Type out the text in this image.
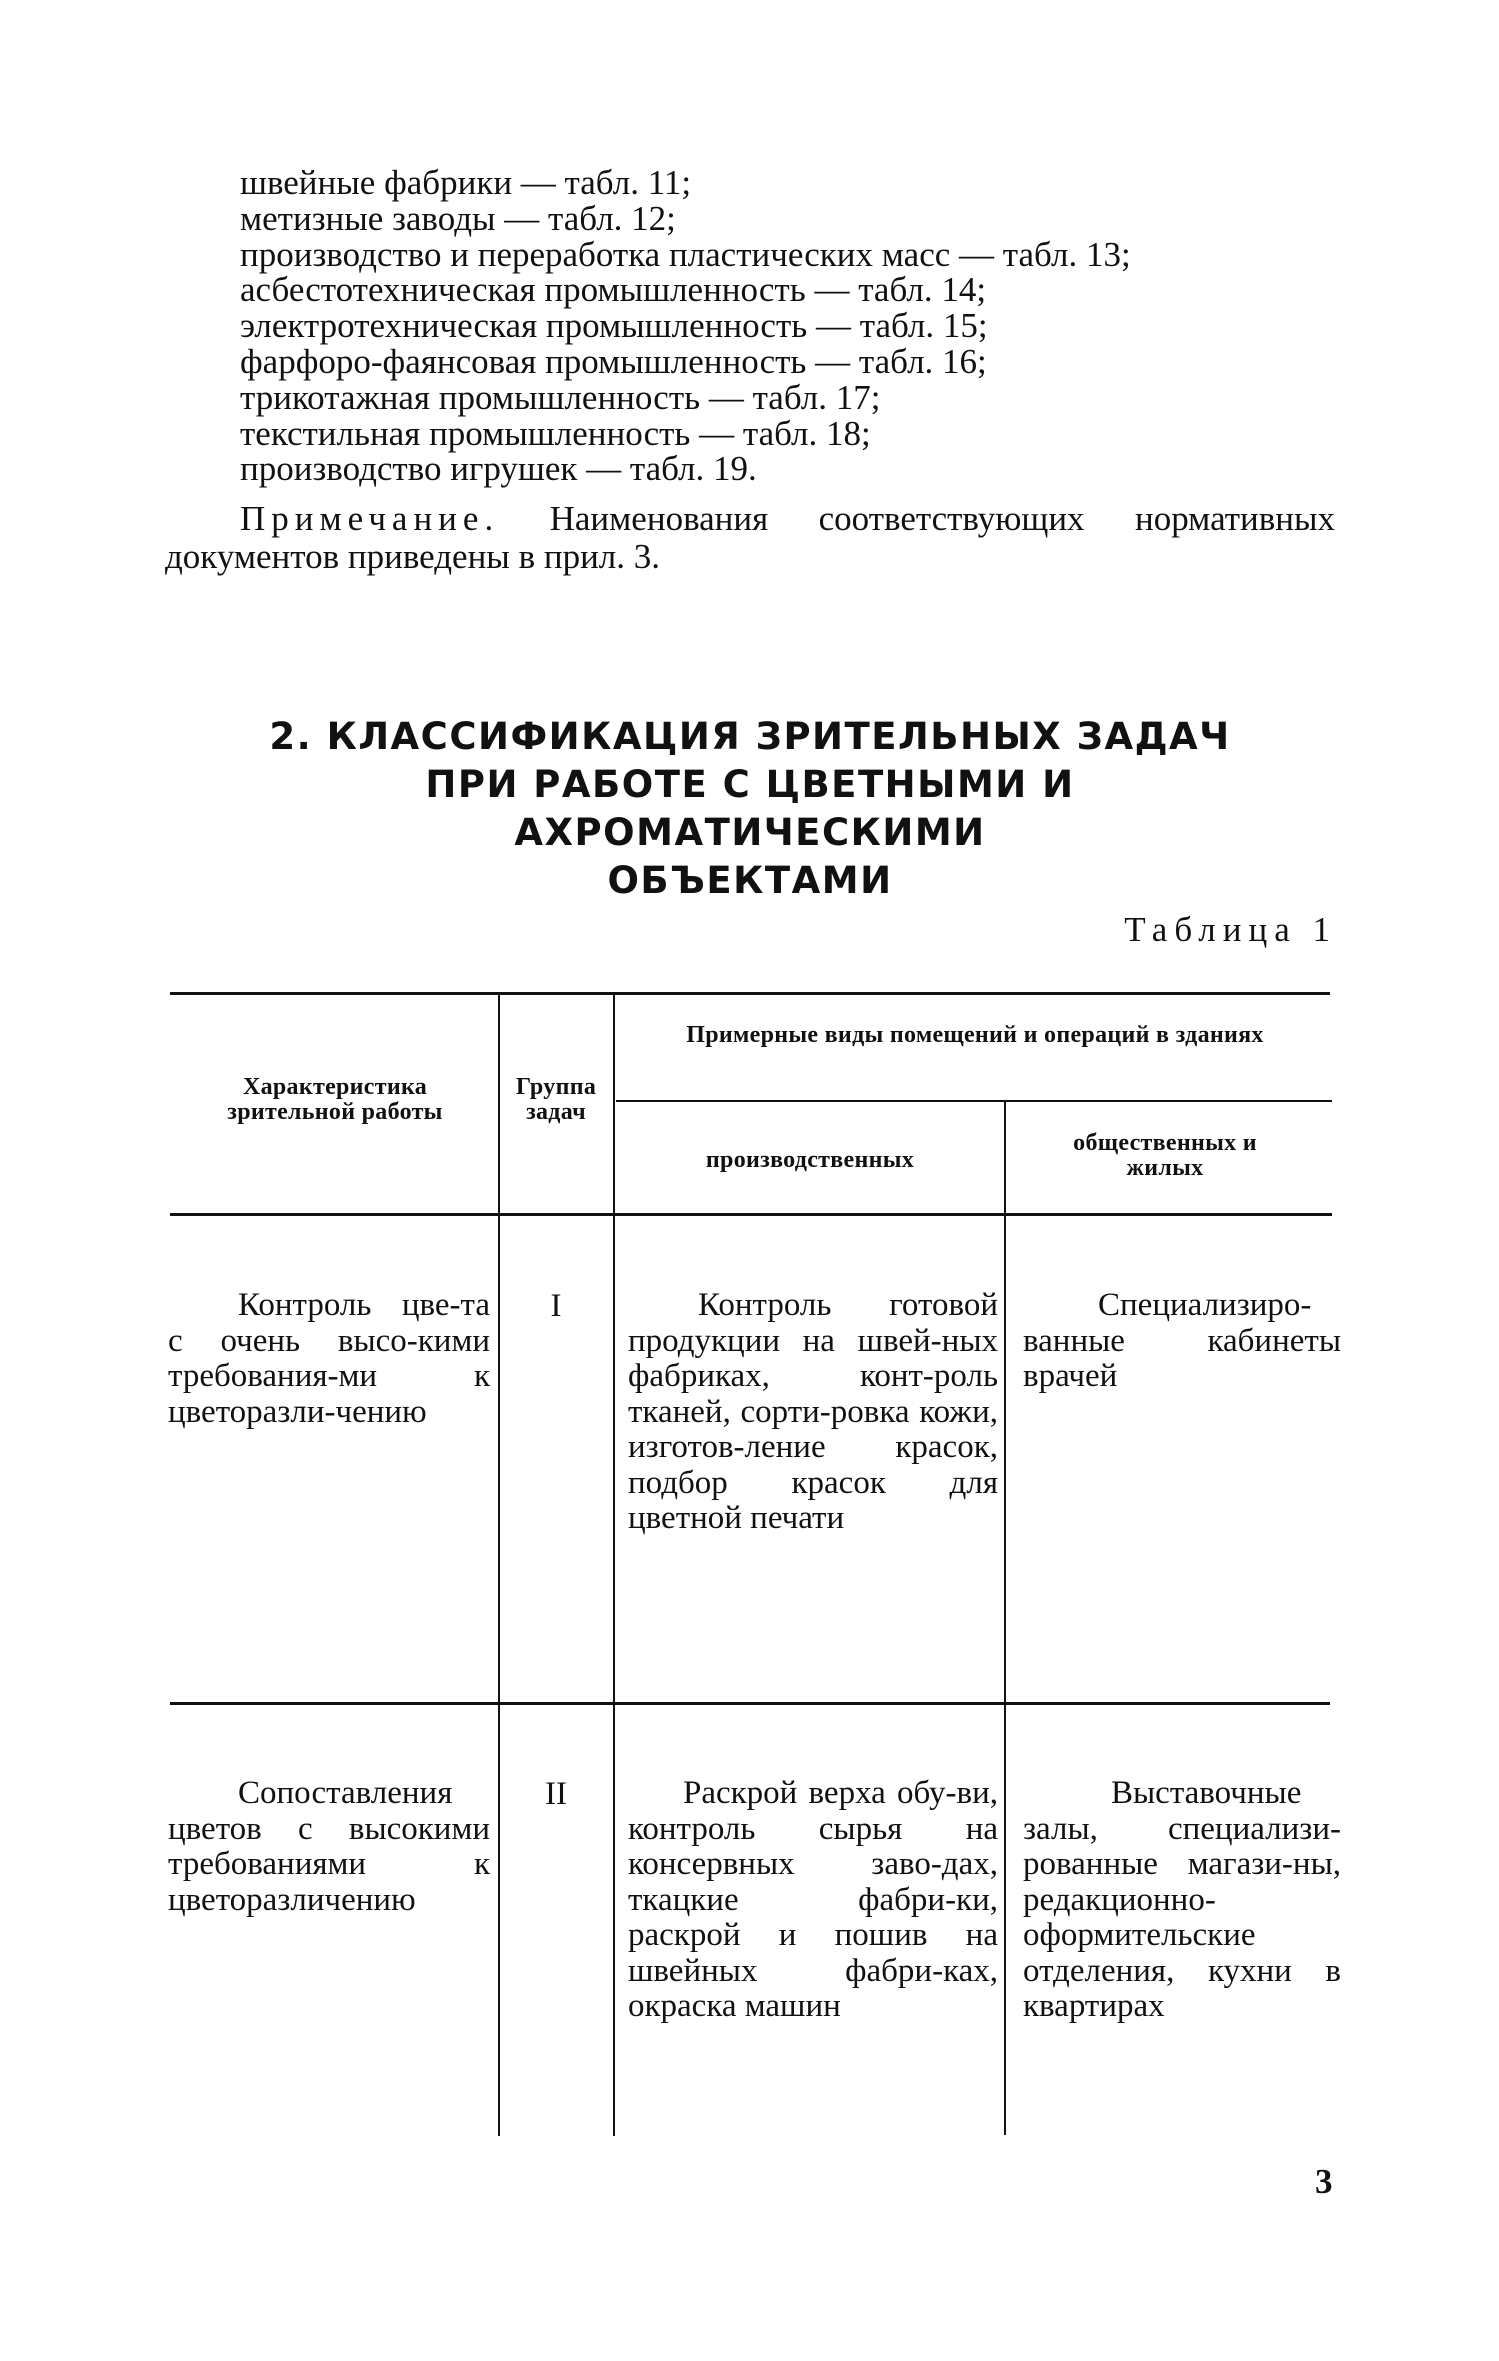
швейные фабрики — табл. 11;
метизные заводы — табл. 12;
производство и переработка пластических масс — табл. 13;
асбестотехническая промышленность — табл. 14;
электротехническая промышленность — табл. 15;
фарфоро-фаянсовая промышленность — табл. 16;
трикотажная промышленность — табл. 17;
текстильная промышленность — табл. 18;
производство игрушек — табл. 19.
Примечание. Наименования соответствующих нормативных документов приведены в прил. 3.
2. КЛАССИФИКАЦИЯ ЗРИТЕЛЬНЫХ ЗАДАЧ
ПРИ РАБОТЕ С ЦВЕТНЫМИ И АХРОМАТИЧЕСКИМИ
ОБЪЕКТАМИ
Таблица 1
Характеристика зрительной работы
Группа задач
Примерные виды помещений и операций в зданиях
производственных
общественных и жилых
Контроль цве-та с очень высо-кими требования-ми к цветоразли-чению
I	Контроль готовой продукции на швей-ных фабриках, конт-роль тканей, сорти-ровка кожи, изготов-ление красок, подбор красок для цветной печати
Специализиро-ванные кабинеты врачей
Сопоставления цветов с высокими требованиями к цветоразличению
II	Раскрой верха обу-ви, контроль сырья на консервных заво-дах, ткацкие фабри-ки, раскрой и пошив на швейных фабри-ках, окраска машин
Выставочные залы, специализи-рованные магази-ны, редакционно-оформительские отделения, кухни в квартирах
3
